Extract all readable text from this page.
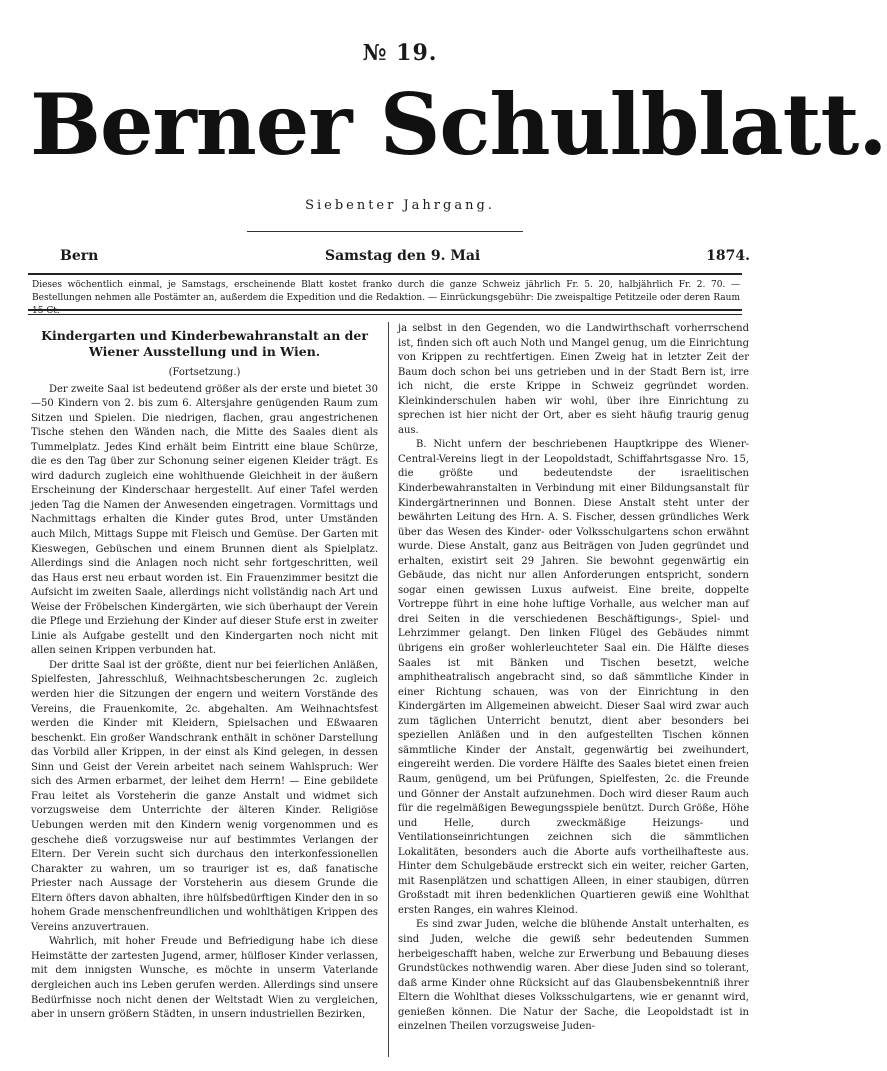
№ 19.
Berner Schulblatt.
Siebenter Jahrgang.
Bern	Samstag den 9. Mai	1874.
Dieses wöchentlich einmal, je Samstags, erscheinende Blatt kostet franko durch die ganze Schweiz jährlich Fr. 5. 20, halbjährlich Fr. 2. 70. — Bestellungen nehmen alle Postämter an, außerdem die Expedition und die Redaktion. — Einrückungsgebühr: Die zweispaltige Petitzeile oder deren Raum 15 Ct.

Kindergarten und Kinderbewahranstalt an der Wiener Ausstellung und in Wien.

(Fortsetzung.)

Der zweite Saal ist bedeutend größer als der erste und bietet 30—50 Kindern von 2. bis zum 6. Altersjahre genügenden Raum zum Sitzen und Spielen. Die niedrigen, flachen, grau angestrichenen Tische stehen den Wänden nach, die Mitte des Saales dient als Tummelplatz. Jedes Kind erhält beim Eintritt eine blaue Schürze, die es den Tag über zur Schonung seiner eigenen Kleider trägt. Es wird dadurch zugleich eine wohlthuende Gleichheit in der äußern Erscheinung der Kinderschaar hergestellt. Auf einer Tafel werden jeden Tag die Namen der Anwesenden eingetragen. Vormittags und Nachmittags erhalten die Kinder gutes Brod, unter Umständen auch Milch, Mittags Suppe mit Fleisch und Gemüse. Der Garten mit Kieswegen, Gebüschen und einem Brunnen dient als Spielplatz. Allerdings sind die Anlagen noch nicht sehr fortgeschritten, weil das Haus erst neu erbaut worden ist. Ein Frauenzimmer besitzt die Aufsicht im zweiten Saale, allerdings nicht vollständig nach Art und Weise der Fröbelschen Kindergärten, wie sich überhaupt der Verein die Pflege und Erziehung der Kinder auf dieser Stufe erst in zweiter Linie als Aufgabe gestellt und den Kindergarten noch nicht mit allen seinen Krippen verbunden hat.

Der dritte Saal ist der größte, dient nur bei feierlichen Anläßen, Spielfesten, Jahresschluß, Weihnachtsbescherungen 2c. zugleich werden hier die Sitzungen der engern und weitern Vorstände des Vereins, die Frauenkomite, 2c. abgehalten. Am Weihnachtsfest werden die Kinder mit Kleidern, Spielsachen und Eßwaaren beschenkt. Ein großer Wandschrank enthält in schöner Darstellung das Vorbild aller Krippen, in der einst als Kind gelegen, in dessen Sinn und Geist der Verein arbeitet nach seinem Wahlspruch: Wer sich des Armen erbarmet, der leihet dem Herrn! — Eine gebildete Frau leitet als Vorsteherin die ganze Anstalt und widmet sich vorzugsweise dem Unterrichte der älteren Kinder. Religiöse Uebungen werden mit den Kindern wenig vorgenommen und es geschehe dieß vorzugsweise nur auf bestimmtes Verlangen der Eltern. Der Verein sucht sich durchaus den interkonfessionellen Charakter zu wahren, um so trauriger ist es, daß fanatische Priester nach Aussage der Vorsteherin aus diesem Grunde die Eltern öfters davon abhalten, ihre hülfsbedürftigen Kinder den in so hohem Grade menschenfreundlichen und wohlthätigen Krippen des Vereins anzuvertrauen.

Wahrlich, mit hoher Freude und Befriedigung habe ich diese Heimstätte der zartesten Jugend, armer, hülfloser Kinder verlassen, mit dem innigsten Wunsche, es möchte in unserm Vaterlande dergleichen auch ins Leben gerufen werden. Allerdings sind unsere Bedürfnisse noch nicht denen der Weltstadt Wien zu vergleichen, aber in unsern größern Städten, in unsern industriellen Bezirken,

ja selbst in den Gegenden, wo die Landwirthschaft vorherrschend ist, finden sich oft auch Noth und Mangel genug, um die Einrichtung von Krippen zu rechtfertigen. Einen Zweig hat in letzter Zeit der Baum doch schon bei uns getrieben und in der Stadt Bern ist, irre ich nicht, die erste Krippe in Schweiz gegründet worden. Kleinkinderschulen haben wir wohl, über ihre Einrichtung zu sprechen ist hier nicht der Ort, aber es sieht häufig traurig genug aus.

B. Nicht unfern der beschriebenen Hauptkrippe des Wiener-Central-Vereins liegt in der Leopoldstadt, Schiffahrtsgasse Nro. 15, die größte und bedeutendste der israelitischen Kinderbewahranstalten in Verbindung mit einer Bildungsanstalt für Kindergärtnerinnen und Bonnen. Diese Anstalt steht unter der bewährten Leitung des Hrn. A. S. Fischer, dessen gründliches Werk über das Wesen des Kinder- oder Volksschulgartens schon erwähnt wurde. Diese Anstalt, ganz aus Beiträgen von Juden gegründet und erhalten, existirt seit 29 Jahren. Sie bewohnt gegenwärtig ein Gebäude, das nicht nur allen Anforderungen entspricht, sondern sogar einen gewissen Luxus aufweist. Eine breite, doppelte Vortreppe führt in eine hohe luftige Vorhalle, aus welcher man auf drei Seiten in die verschiedenen Beschäftigungs-, Spiel- und Lehrzimmer gelangt. Den linken Flügel des Gebäudes nimmt übrigens ein großer wohlerleuchteter Saal ein. Die Hälfte dieses Saales ist mit Bänken und Tischen besetzt, welche amphitheatralisch angebracht sind, so daß sämmtliche Kinder in einer Richtung schauen, was von der Einrichtung in den Kindergärten im Allgemeinen abweicht. Dieser Saal wird zwar auch zum täglichen Unterricht benutzt, dient aber besonders bei speziellen Anläßen und in den aufgestellten Tischen können sämmtliche Kinder der Anstalt, gegenwärtig bei zweihundert, eingereiht werden. Die vordere Hälfte des Saales bietet einen freien Raum, genügend, um bei Prüfungen, Spielfesten, 2c. die Freunde und Gönner der Anstalt aufzunehmen. Doch wird dieser Raum auch für die regelmäßigen Bewegungsspiele benützt. Durch Größe, Höhe und Helle, durch zweckmäßige Heizungs- und Ventilationseinrichtungen zeichnen sich die sämmtlichen Lokalitäten, besonders auch die Aborte aufs vortheilhafteste aus. Hinter dem Schulgebäude erstreckt sich ein weiter, reicher Garten, mit Rasenplätzen und schattigen Alleen, in einer staubigen, dürren Großstadt mit ihren bedenklichen Quartieren gewiß eine Wohlthat ersten Ranges, ein wahres Kleinod.

Es sind zwar Juden, welche die blühende Anstalt unterhalten, es sind Juden, welche die gewiß sehr bedeutenden Summen herbeigeschafft haben, welche zur Erwerbung und Bebauung dieses Grundstückes nothwendig waren. Aber diese Juden sind so tolerant, daß arme Kinder ohne Rücksicht auf das Glaubensbekenntniß ihrer Eltern die Wohlthat dieses Volksschulgartens, wie er genannt wird, genießen können. Die Natur der Sache, die Leopoldstadt ist in einzelnen Theilen vorzugsweise Juden-
